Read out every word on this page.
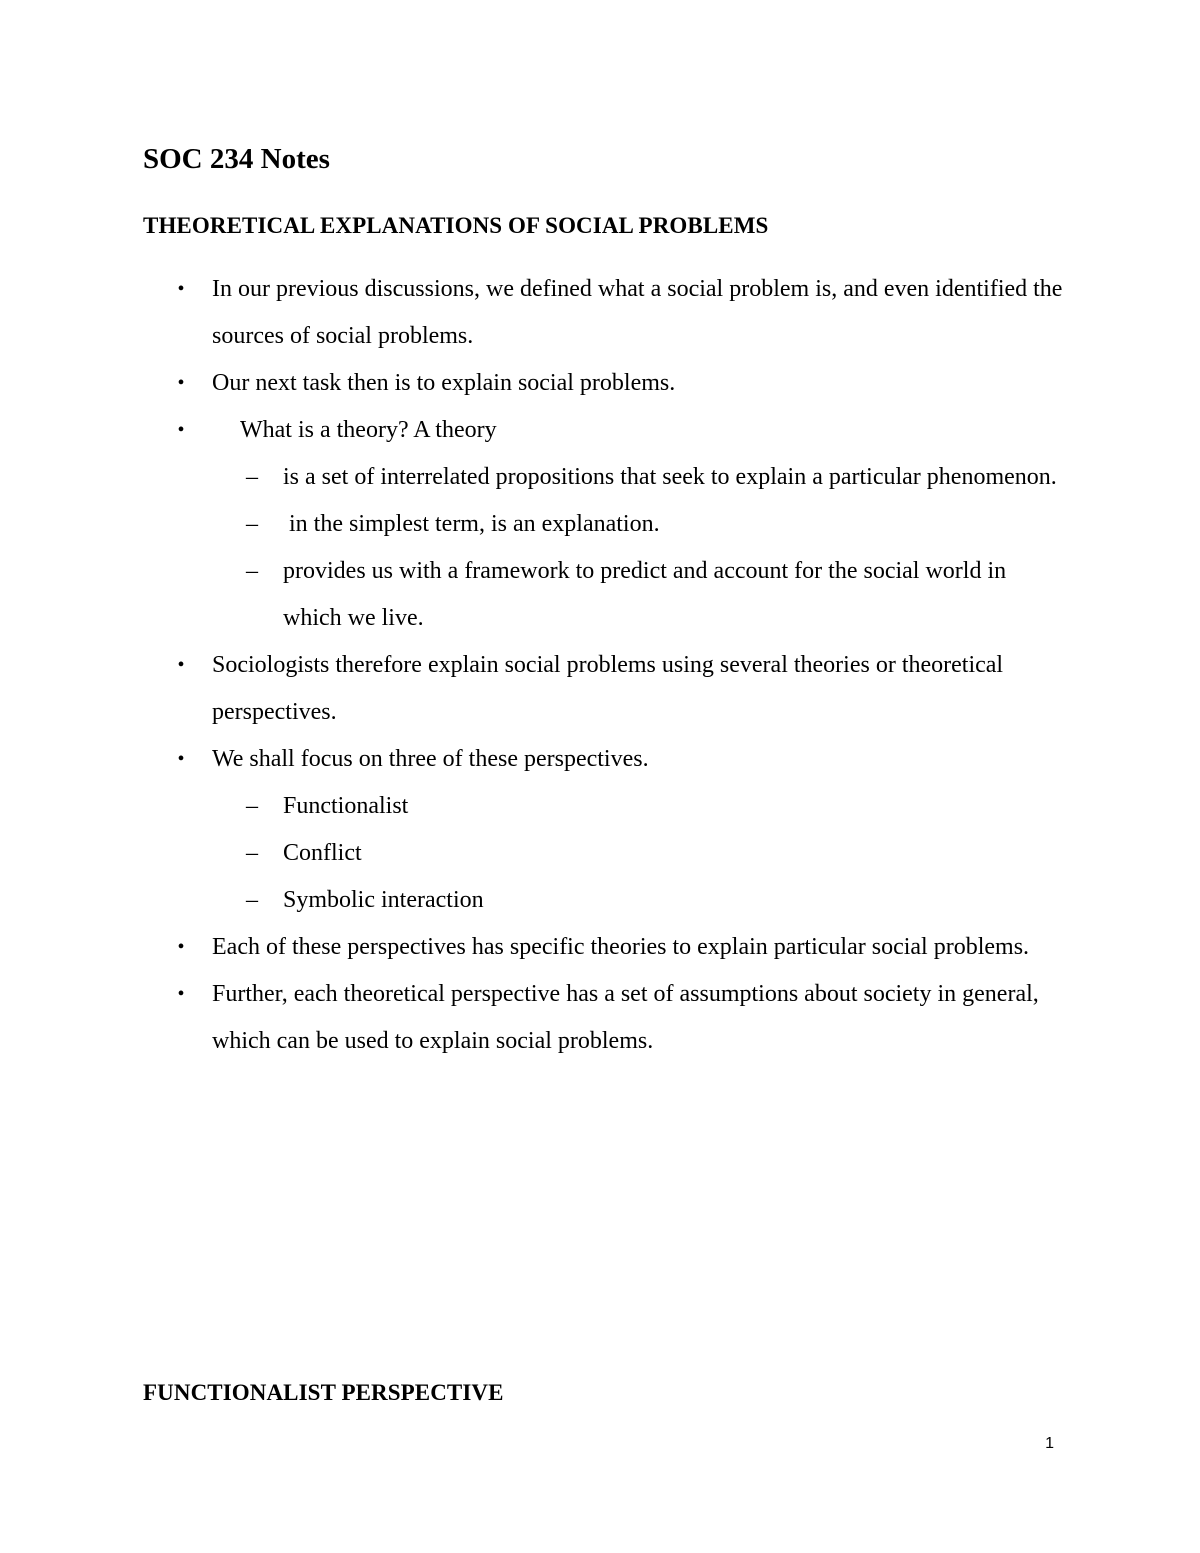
SOC 234 Notes
THEORETICAL EXPLANATIONS OF SOCIAL PROBLEMS
• In our previous discussions, we defined what a social problem is, and even identified the sources of social problems.
• Our next task then is to explain social problems.
• What is a theory? A theory
– is a set of interrelated propositions that seek to explain a particular phenomenon.
– in the simplest term, is an explanation.
– provides us with a framework to predict and account for the social world in which we live.
• Sociologists therefore explain social problems using several theories or theoretical perspectives.
• We shall focus on three of these perspectives.
– Functionalist
– Conflict
– Symbolic interaction
• Each of these perspectives has specific theories to explain particular social problems.
• Further, each theoretical perspective has a set of assumptions about society in general, which can be used to explain social problems.
FUNCTIONALIST PERSPECTIVE
1
